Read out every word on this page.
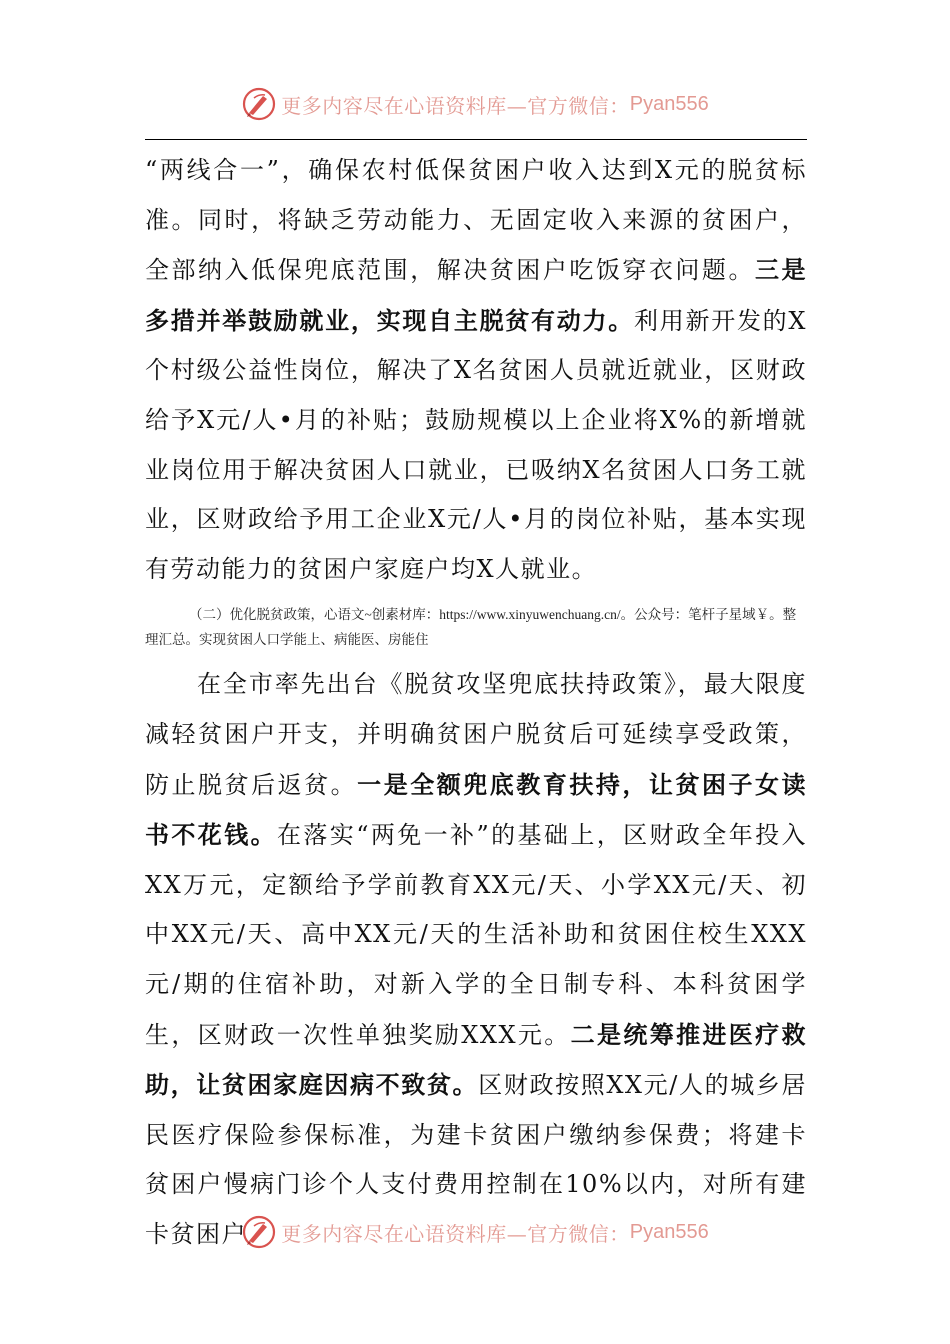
更多内容尽在心语资料库—官方微信： Pyan556

“两线合一”，确保农村低保贫困户收入达到X元的脱贫标准。同时，将缺乏劳动能力、无固定收入来源的贫困户，全部纳入低保兜底范围，解决贫困户吃饭穿衣问题。三是多措并举鼓励就业，实现自主脱贫有动力。利用新开发的X个村级公益性岗位，解决了X名贫困人员就近就业，区财政给予X元/人•月的补贴；鼓励规模以上企业将X%的新增就业岗位用于解决贫困人口就业，已吸纳X名贫困人口务工就业，区财政给予用工企业X元/人•月的岗位补贴，基本实现有劳动能力的贫困户家庭户均X人就业。

（二）优化脱贫政策，心语文~创素材库：https://www.xinyuwenchuang.cn/。公众号：笔杆子星域￥。整理汇总。实现贫困人口学能上、病能医、房能住

在全市率先出台《脱贫攻坚兜底扶持政策》，最大限度减轻贫困户开支，并明确贫困户脱贫后可延续享受政策，防止脱贫后返贫。一是全额兜底教育扶持，让贫困子女读书不花钱。在落实“两免一补”的基础上，区财政全年投入XX万元，定额给予学前教育XX元/天、小学XX元/天、初中XX元/天、高中XX元/天的生活补助和贫困住校生XXX元/期的住宿补助，对新入学的全日制专科、本科贫困学生，区财政一次性单独奖励XXX元。二是统筹推进医疗救助，让贫困家庭因病不致贫。区财政按照XX元/人的城乡居民医疗保险参保标准，为建卡贫困户缴纳参保费；将建卡贫困户慢病门诊个人支付费用控制在10%以内，对所有建卡贫困户	更多内容尽在心语资料库—官方微信： Pyan556
